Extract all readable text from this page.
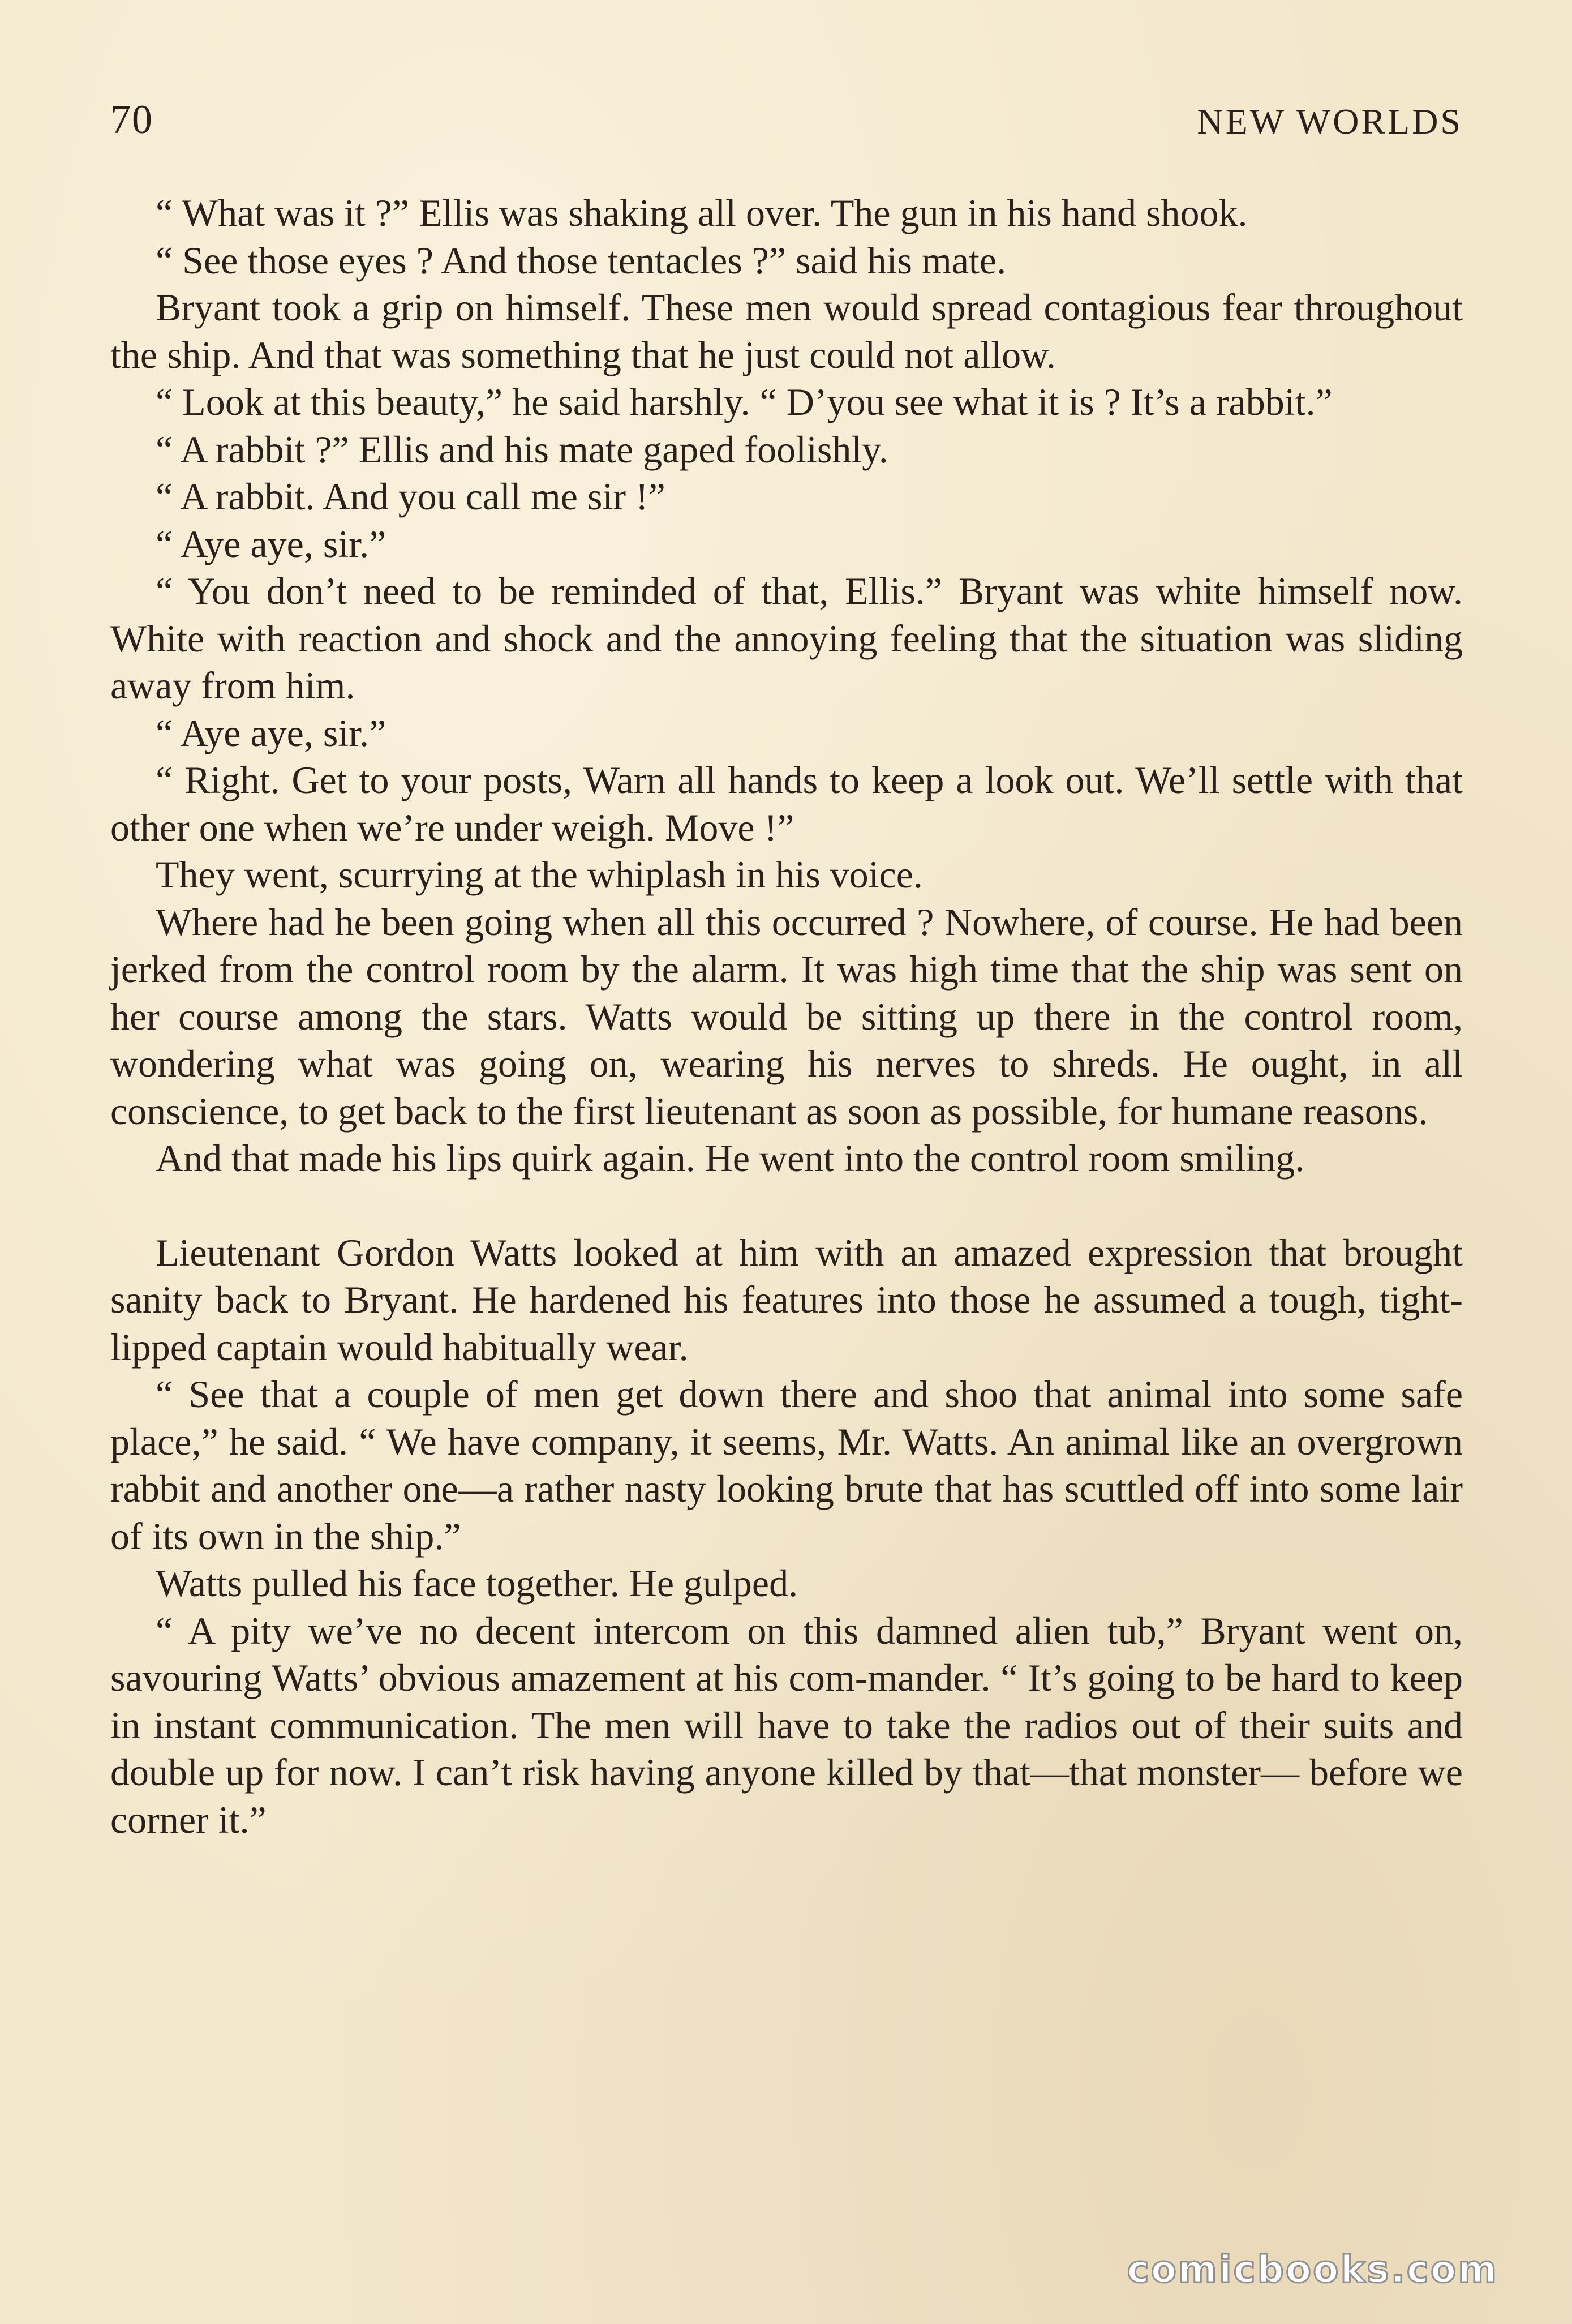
70	NEW WORLDS

“ What was it ?” Ellis was shaking all over. The gun in his hand shook.

“ See those eyes ? And those tentacles ?” said his mate.

Bryant took a grip on himself. These men would spread contagious fear throughout the ship. And that was something that he just could not allow.

“ Look at this beauty,” he said harshly. “ D’you see what it is ? It’s a rabbit.”

“ A rabbit ?” Ellis and his mate gaped foolishly.

“ A rabbit. And you call me sir !”

“ Aye aye, sir.”

“ You don’t need to be reminded of that, Ellis.” Bryant was white himself now. White with reaction and shock and the annoying feeling that the situation was sliding away from him.

“ Aye aye, sir.”

“ Right. Get to your posts, Warn all hands to keep a look out. We’ll settle with that other one when we’re under weigh. Move !”

They went, scurrying at the whiplash in his voice.

Where had he been going when all this occurred ? Nowhere, of course. He had been jerked from the control room by the alarm. It was high time that the ship was sent on her course among the stars. Watts would be sitting up there in the control room, wondering what was going on, wearing his nerves to shreds. He ought, in all conscience, to get back to the first lieutenant as soon as possible, for humane reasons.

And that made his lips quirk again. He went into the control room smiling.

Lieutenant Gordon Watts looked at him with an amazed expression that brought sanity back to Bryant. He hardened his features into those he assumed a tough, tight-lipped captain would habitually wear.

“ See that a couple of men get down there and shoo that animal into some safe place,” he said. “ We have company, it seems, Mr. Watts. An animal like an overgrown rabbit and another one—a rather nasty looking brute that has scuttled off into some lair of its own in the ship.”

Watts pulled his face together. He gulped.

“ A pity we’ve no decent intercom on this damned alien tub,” Bryant went on, savouring Watts’ obvious amazement at his com-mander. “ It’s going to be hard to keep in instant communication. The men will have to take the radios out of their suits and double up for now. I can’t risk having anyone killed by that—that monster— before we corner it.”

comicbooks.com
